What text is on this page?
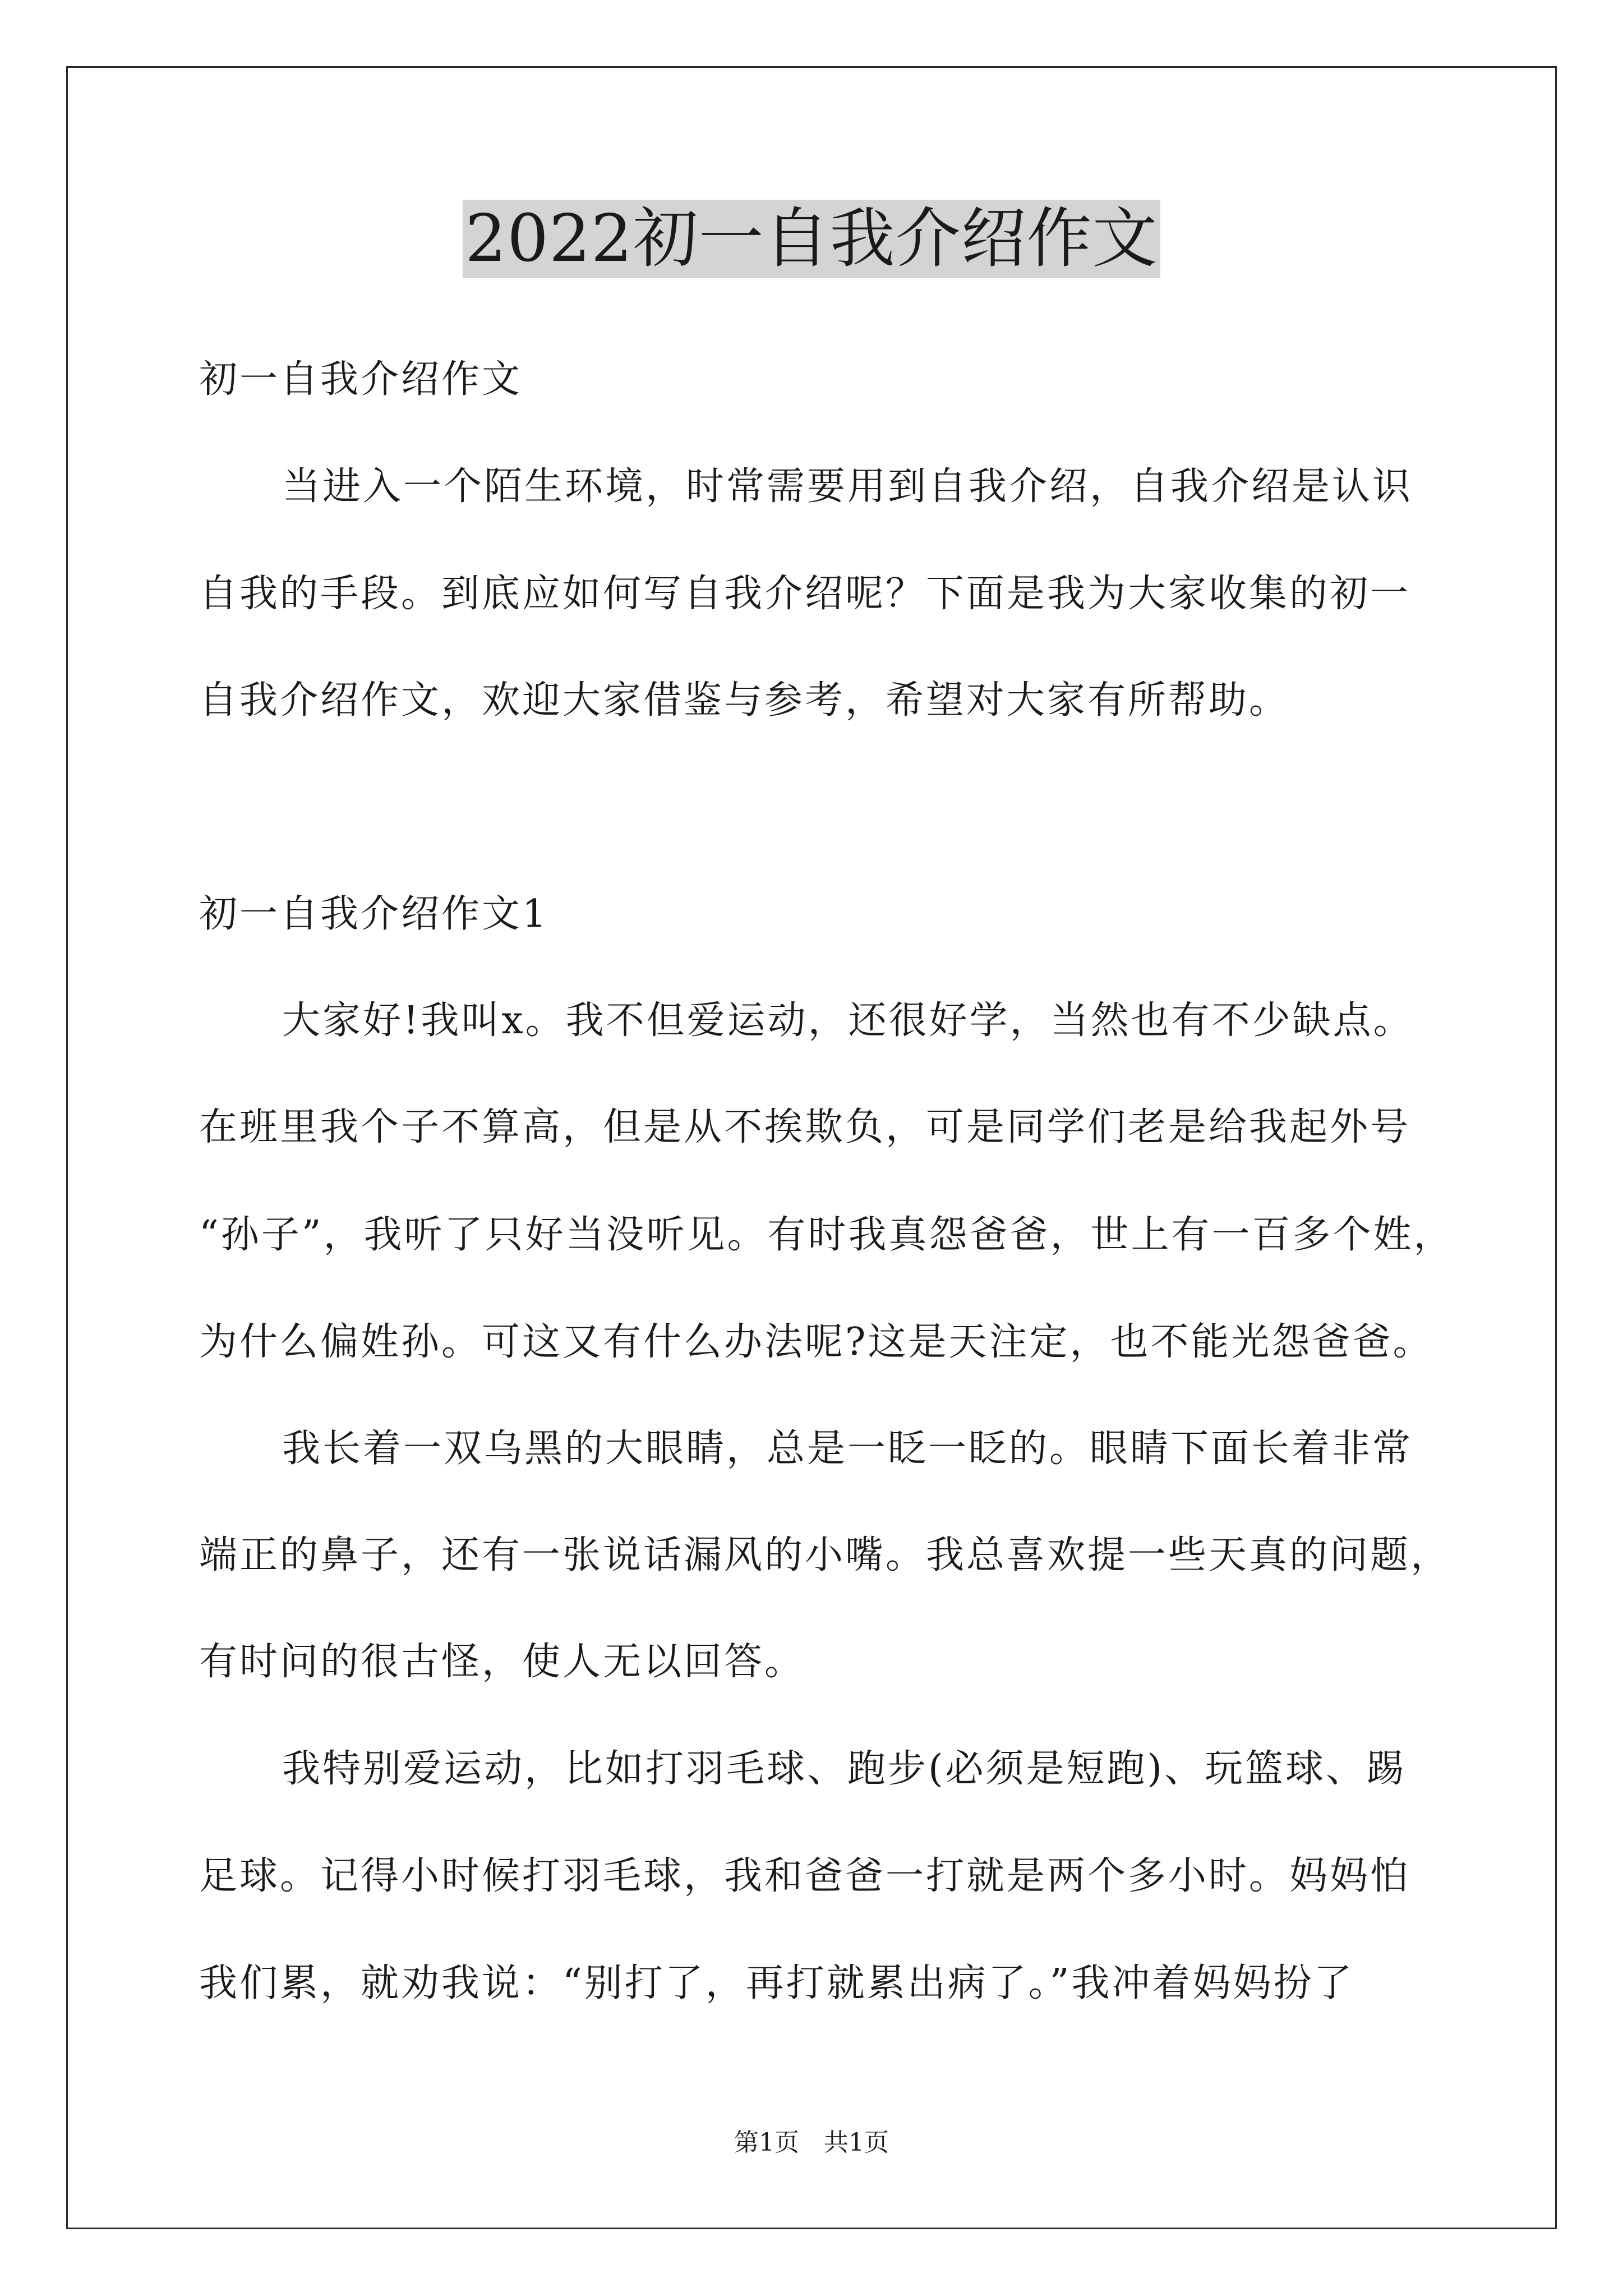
2022初一自我介绍作文
初一自我介绍作文
当进入一个陌生环境，时常需要用到自我介绍，自我介绍是认识
自我的手段。到底应如何写自我介绍呢？下面是我为大家收集的初一
自我介绍作文，欢迎大家借鉴与参考，希望对大家有所帮助。
初一自我介绍作文1
大家好!我叫x。我不但爱运动，还很好学，当然也有不少缺点。
在班里我个子不算高，但是从不挨欺负，可是同学们老是给我起外号
“孙子”，我听了只好当没听见。有时我真怨爸爸，世上有一百多个姓，
为什么偏姓孙。可这又有什么办法呢?这是天注定，也不能光怨爸爸。
我长着一双乌黑的大眼睛，总是一眨一眨的。眼睛下面长着非常
端正的鼻子，还有一张说话漏风的小嘴。我总喜欢提一些天真的问题，
有时问的很古怪，使人无以回答。
我特别爱运动，比如打羽毛球、跑步(必须是短跑)、玩篮球、踢
足球。记得小时候打羽毛球，我和爸爸一打就是两个多小时。妈妈怕
我们累，就劝我说：“别打了，再打就累出病了。”我冲着妈妈扮了
第1页 共1页
